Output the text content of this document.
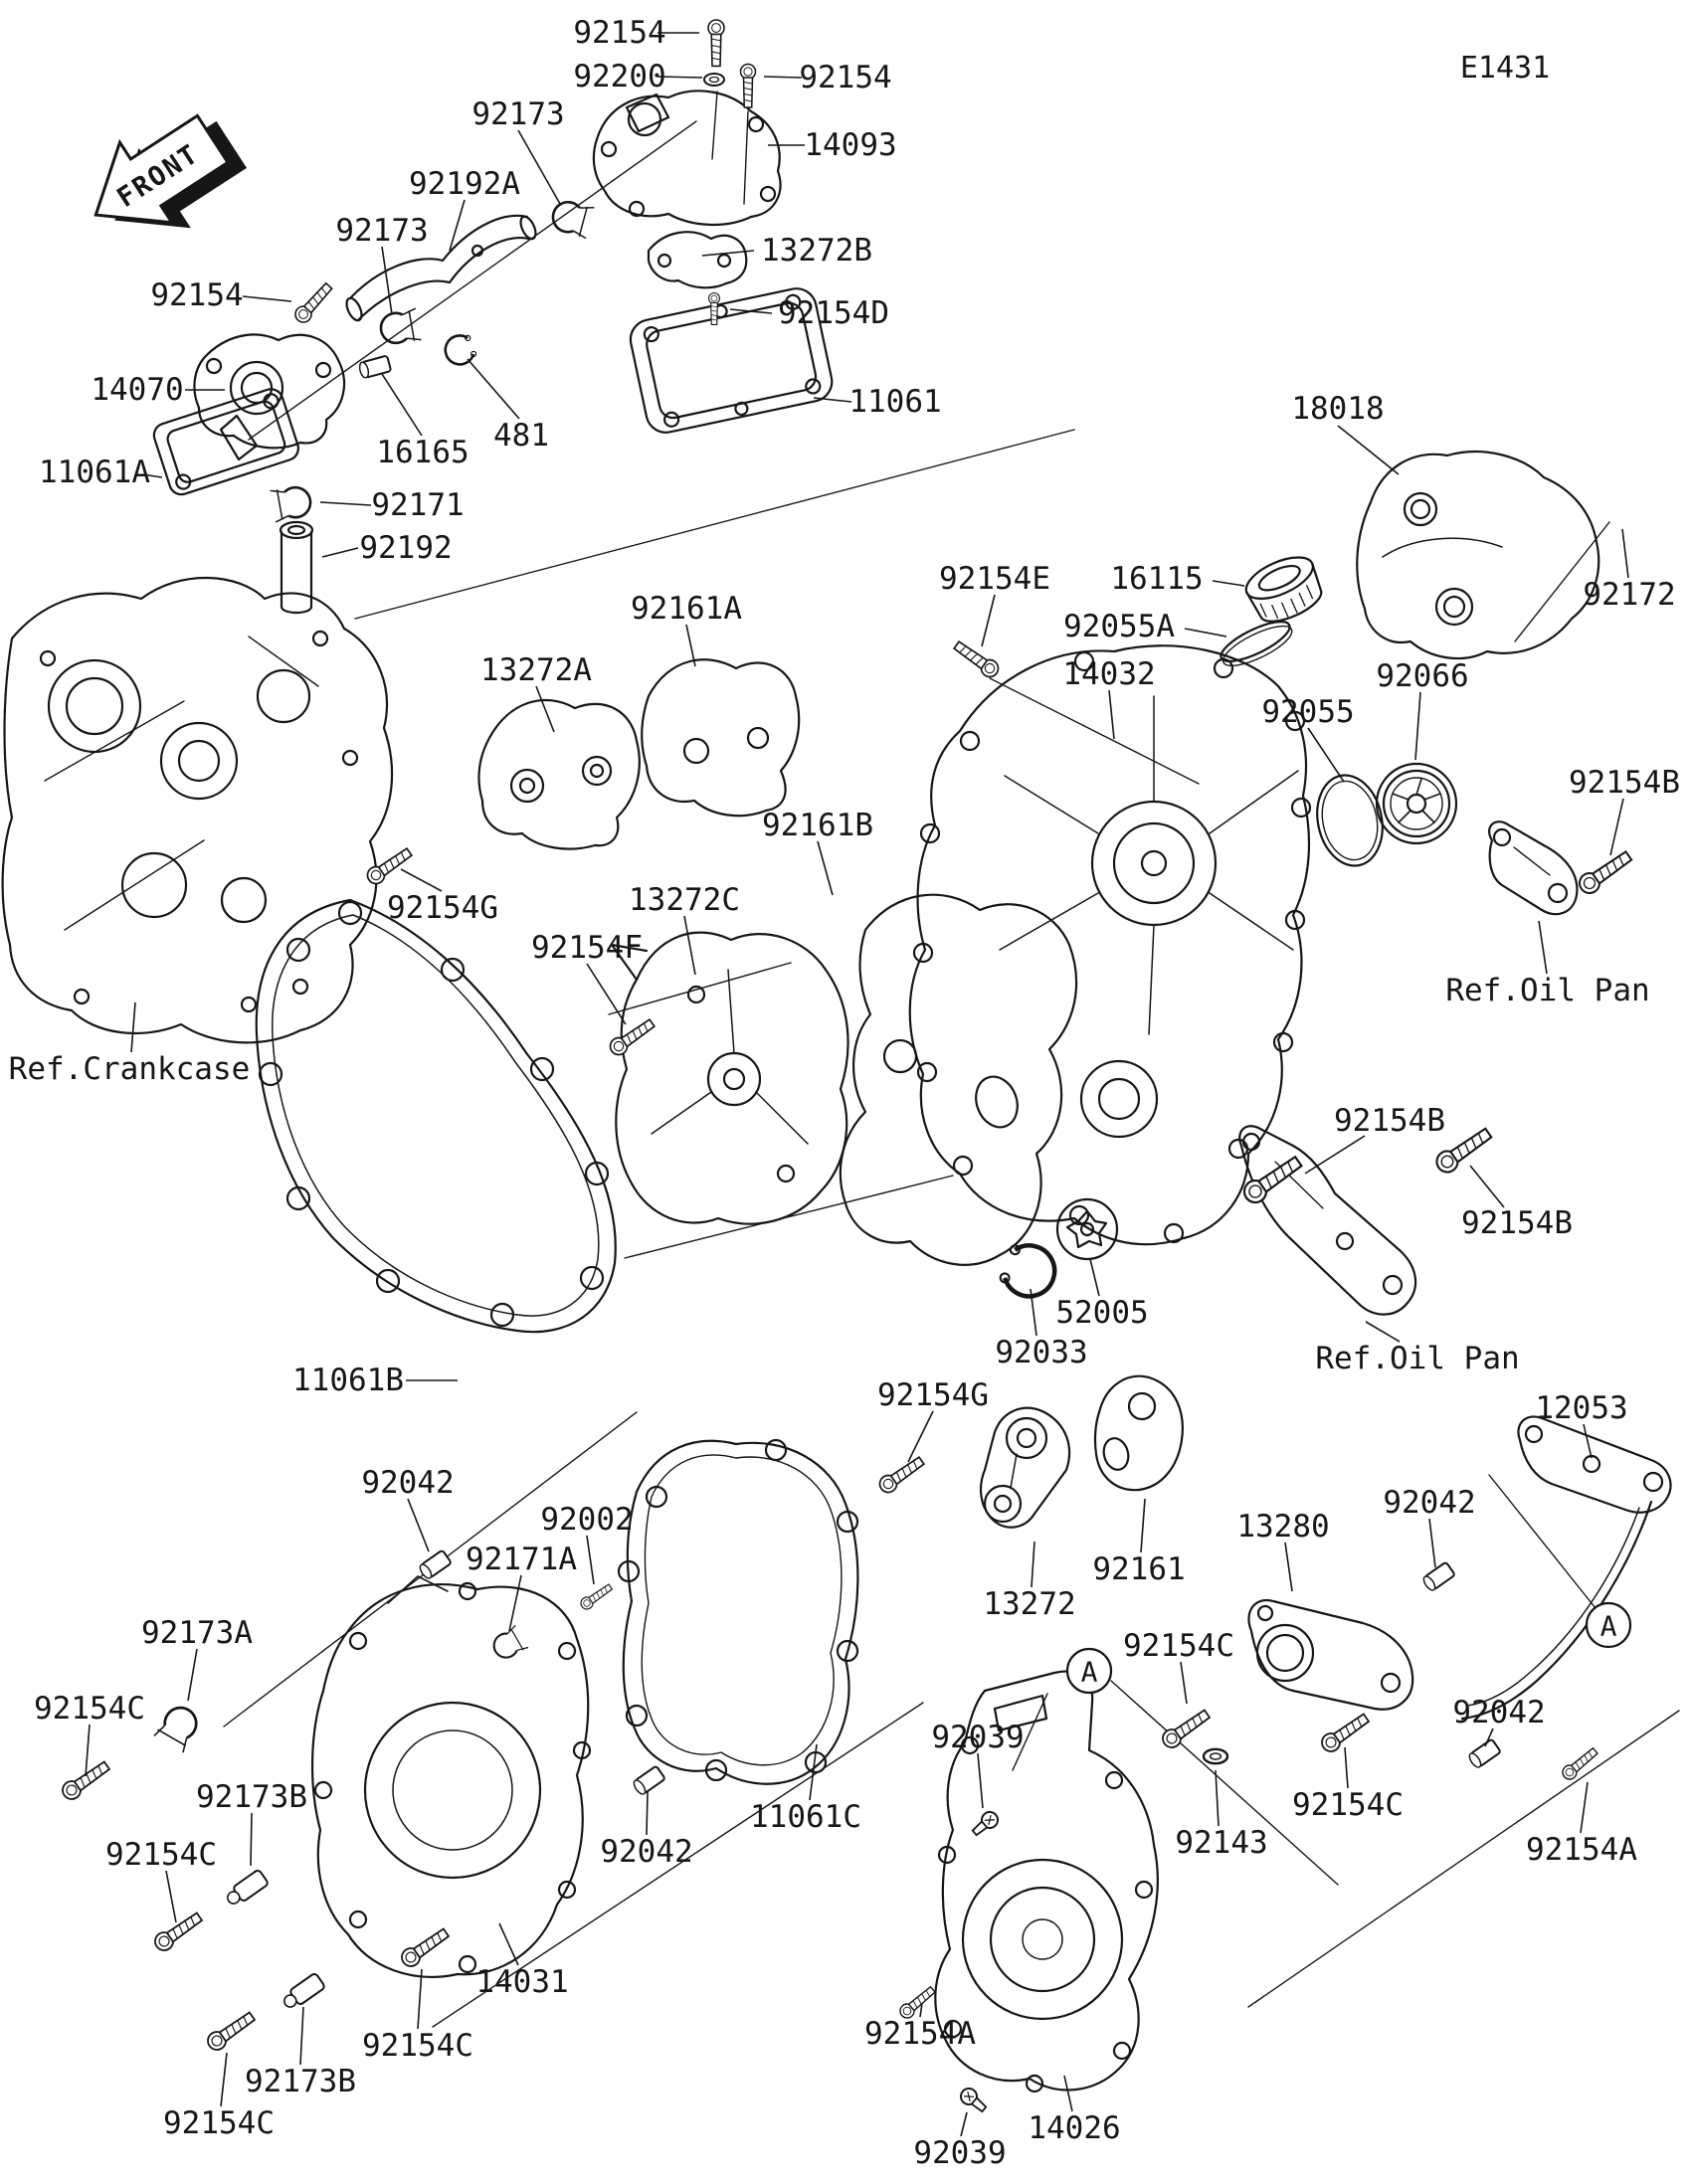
FRONT
E1431
92154
92200	92154
92173
14093
92192A
13272B
92173
92154	92154D
14070	11061
16165 481
11061A
92171
92192
Ref.Crankcase
18018
92154E 16115
92055A
14032
92055
92066
92172
92154B
Ref.Oil Pan
92154B
92154B
52005
92033	Ref.Oil Pan
92154G
92154F
13272C
92161B
92161A
13272A
11061B
92042
92002
92171A
92173A
92154C
92173B
92154C
92154C
92173B
92154C
14031
92042
11061C
92154G
13272
92161
13280
92042
12053
92154C
92039
92143
92154C
92042
92154A
92154A
14026
92039
A
A
